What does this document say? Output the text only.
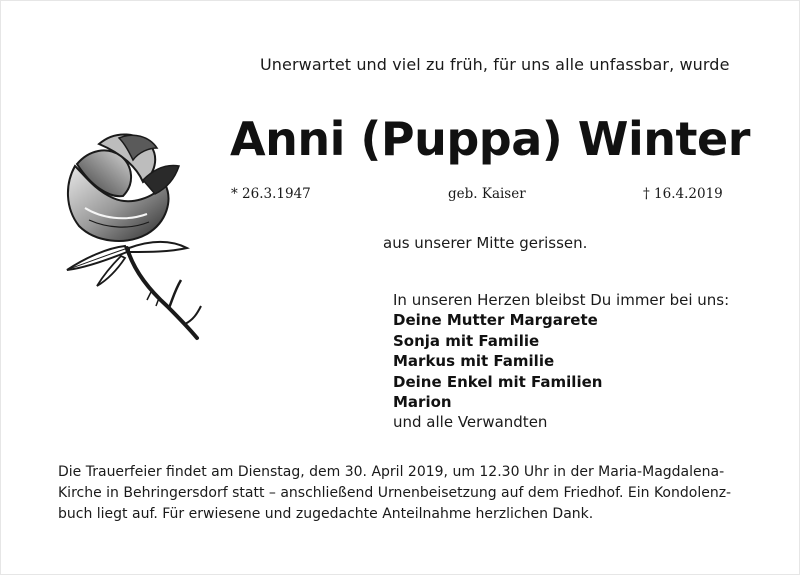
Unerwartet und viel zu früh, für uns alle unfassbar, wurde
Anni (Puppa) Winter
* 26.3.1947	geb. Kaiser	† 16.4.2019
aus unserer Mitte gerissen.
In unseren Herzen bleibst Du immer bei uns:
Deine Mutter Margarete
Sonja mit Familie
Markus mit Familie
Deine Enkel mit Familien
Marion
und alle Verwandten
Die Trauerfeier findet am Dienstag, dem 30. April 2019, um 12.30 Uhr in der Maria-Magdalena-
Kirche in Behringersdorf statt – anschließend Urnenbeisetzung auf dem Friedhof. Ein Kondolenz-
buch liegt auf. Für erwiesene und zugedachte Anteilnahme herzlichen Dank.
